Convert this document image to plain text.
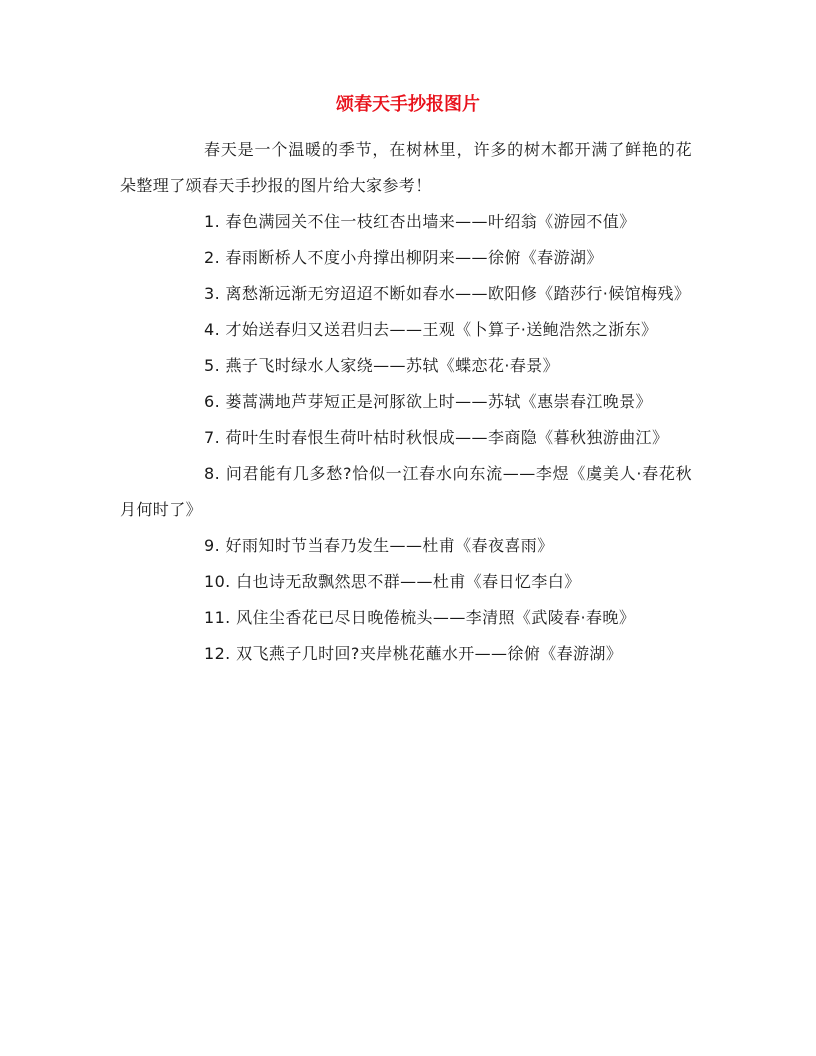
颂春天手抄报图片

春天是一个温暖的季节，在树林里，许多的树木都开满了鲜艳的花朵整理了颂春天手抄报的图片给大家参考！

1. 春色满园关不住一枝红杏出墙来——叶绍翁《游园不值》

2. 春雨断桥人不度小舟撑出柳阴来——徐俯《春游湖》

3. 离愁渐远渐无穷迢迢不断如春水——欧阳修《踏莎行·候馆梅残》

4. 才始送春归又送君归去——王观《卜算子·送鲍浩然之浙东》

5. 燕子飞时绿水人家绕——苏轼《蝶恋花·春景》

6. 蒌蒿满地芦芽短正是河豚欲上时——苏轼《惠崇春江晚景》

7. 荷叶生时春恨生荷叶枯时秋恨成——李商隐《暮秋独游曲江》

8. 问君能有几多愁?恰似一江春水向东流——李煜《虞美人·春花秋月何时了》

9. 好雨知时节当春乃发生——杜甫《春夜喜雨》

10. 白也诗无敌飘然思不群——杜甫《春日忆李白》

11. 风住尘香花已尽日晚倦梳头——李清照《武陵春·春晚》

12. 双飞燕子几时回?夹岸桃花蘸水开——徐俯《春游湖》
